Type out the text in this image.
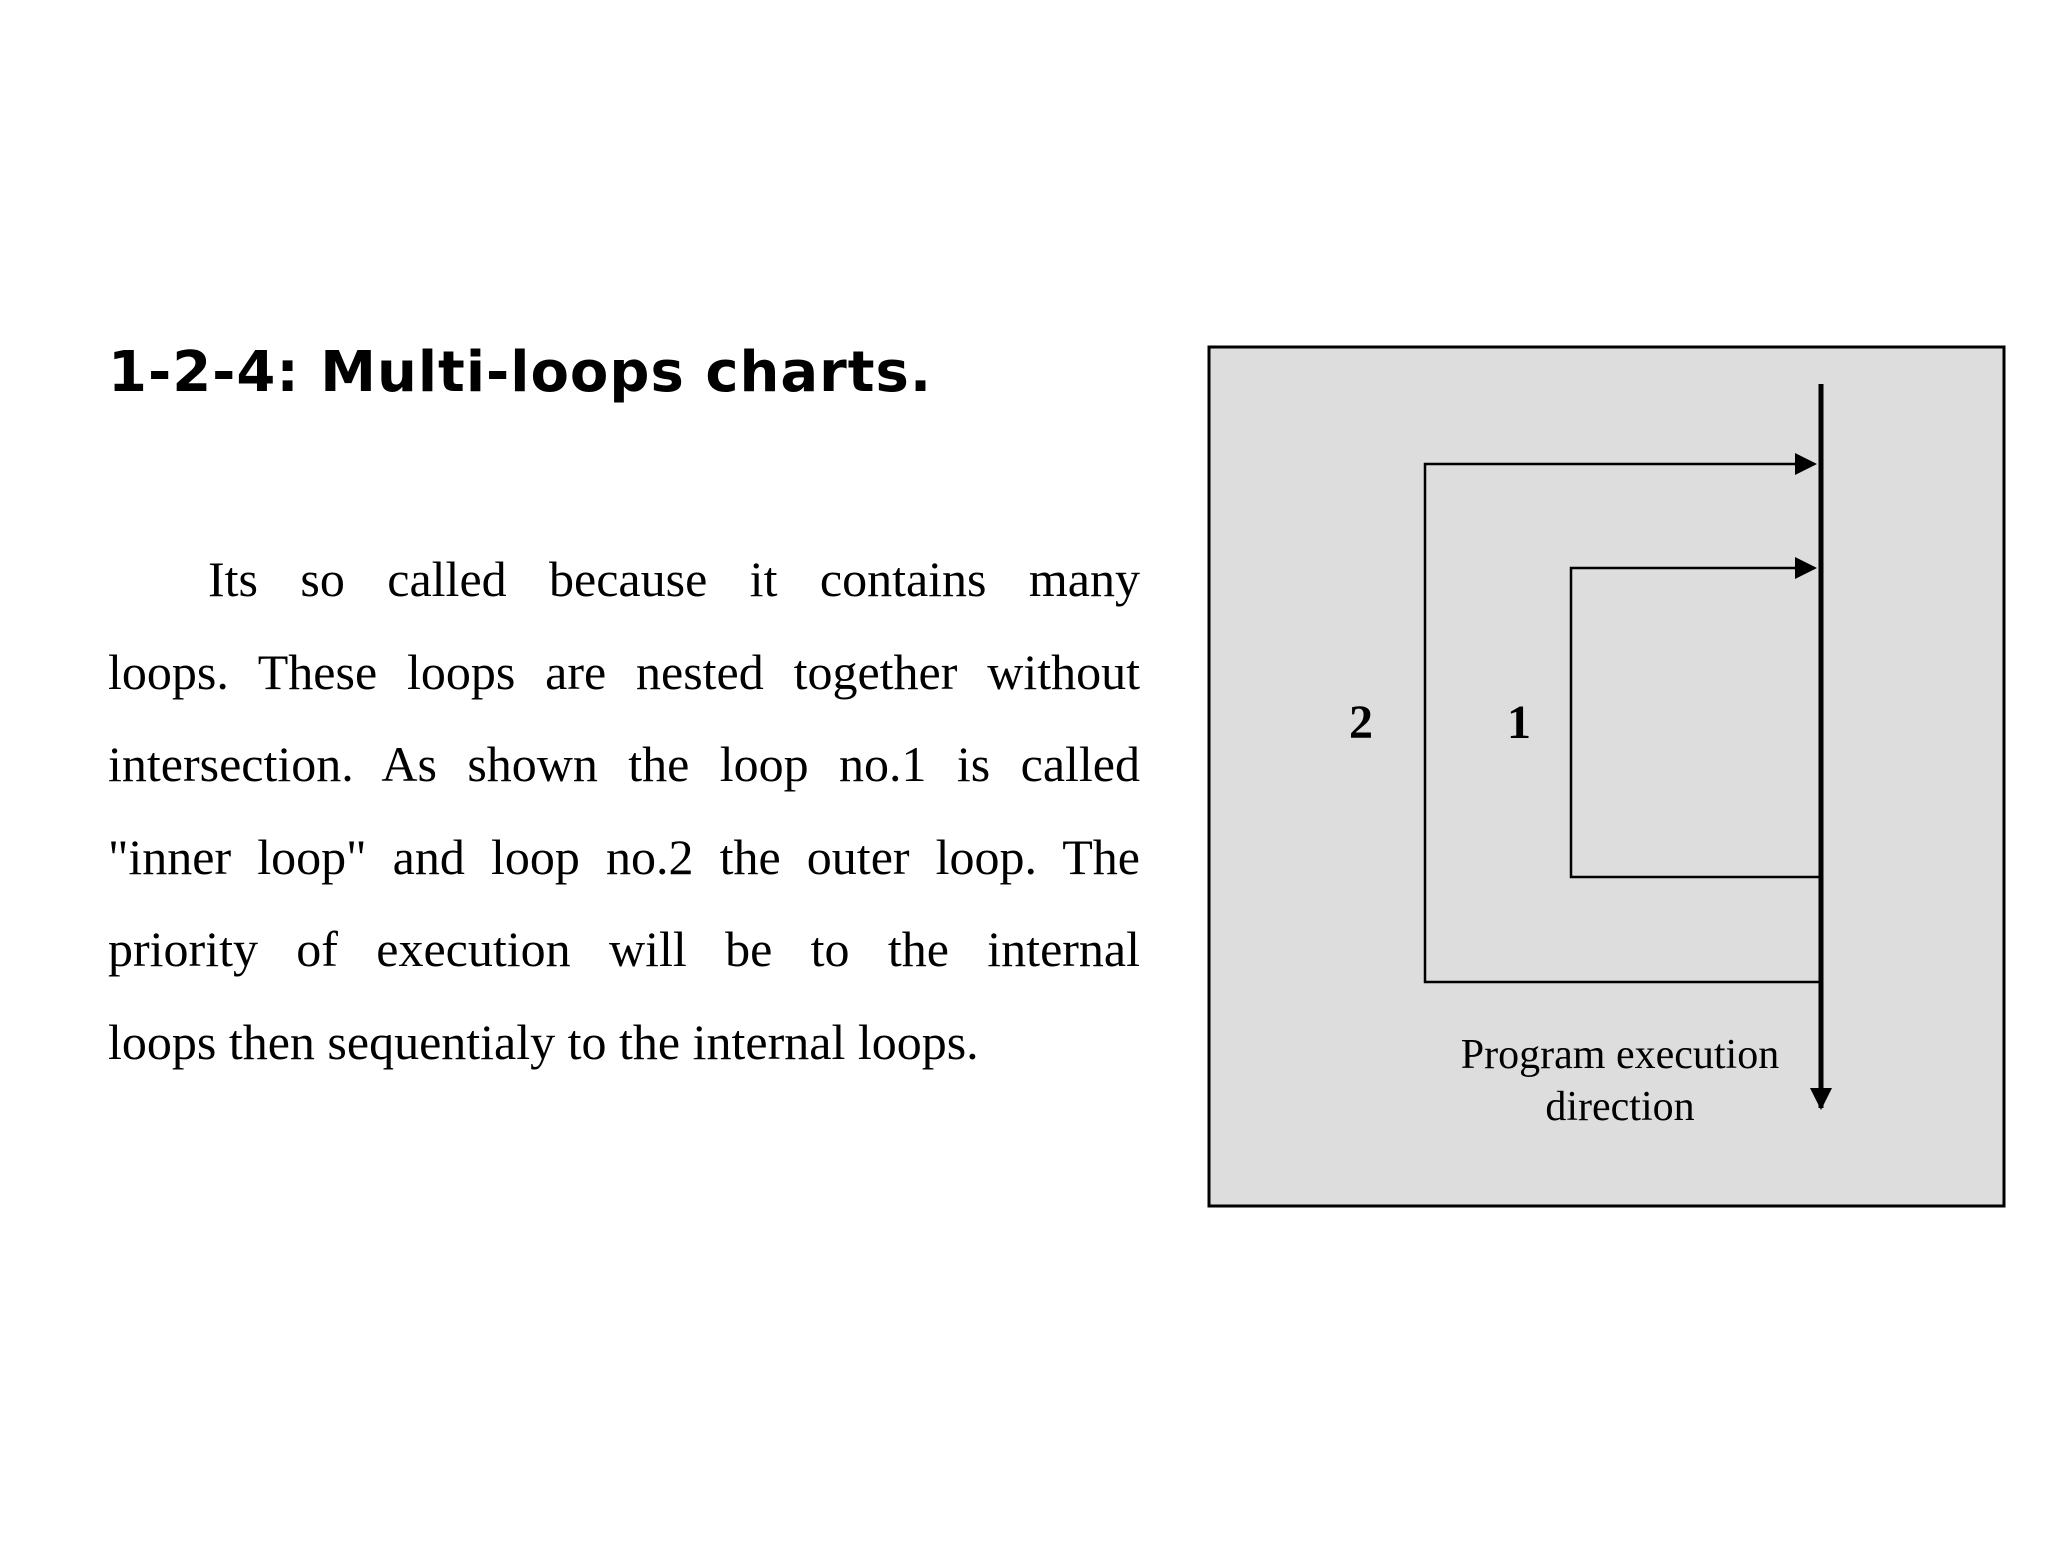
1-2-4: Multi-loops charts.
Its so called because it contains many
loops. These loops are nested together without
intersection. As shown the loop no.1 is called
"inner loop" and loop no.2 the outer loop. The
priority of execution will be to the internal
loops then sequentialy to the internal loops.
2	1
Program execution
direction
